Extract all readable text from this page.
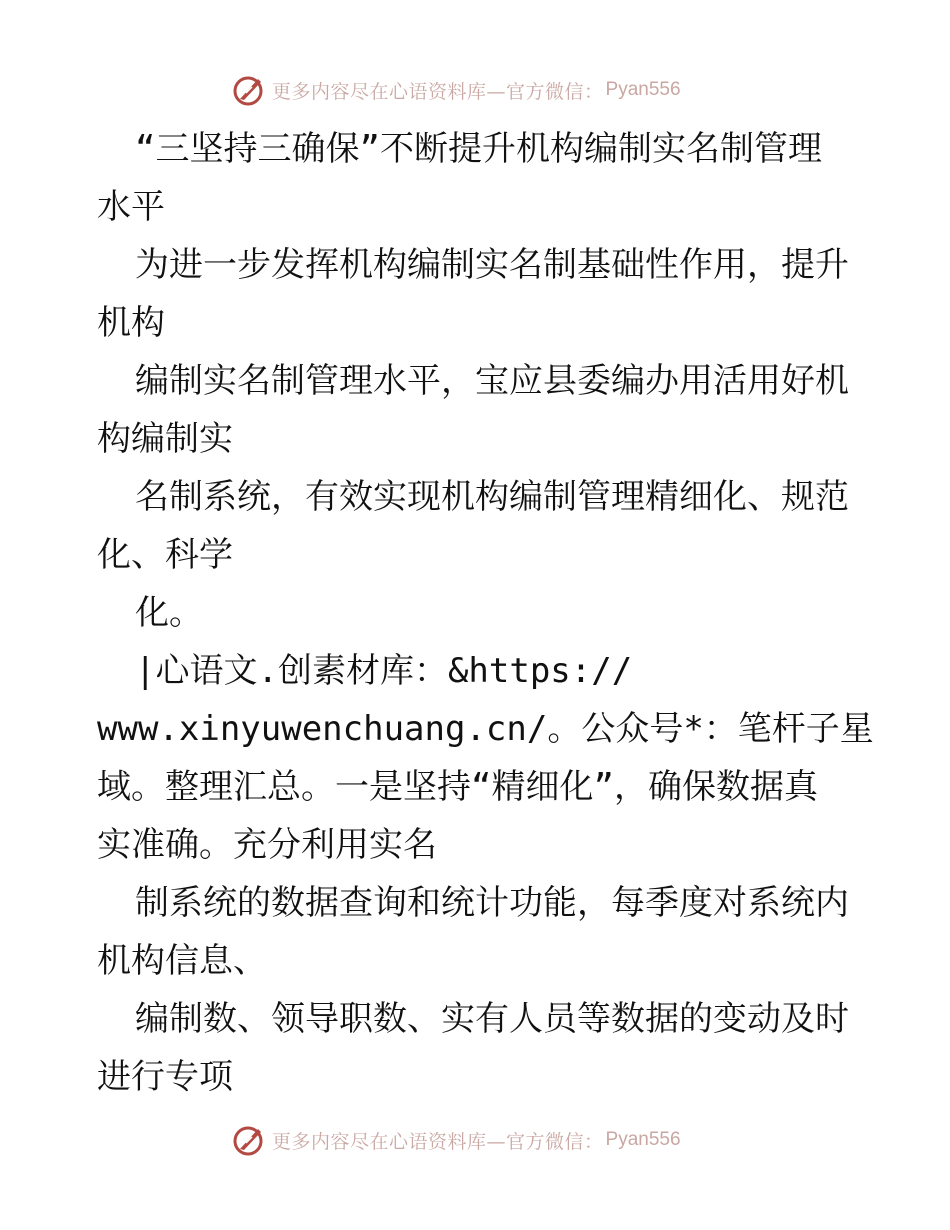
更多内容尽在心语资料库—官方微信： Pyan556
“三坚持三确保”不断提升机构编制实名制管理
水平
为进一步发挥机构编制实名制基础性作用，提升
机构
编制实名制管理水平，宝应县委编办用活用好机
构编制实
名制系统，有效实现机构编制管理精细化、规范
化、科学
化。
|心语文.创素材库：&https://
www.xinyuwenchuang.cn/。公众号*：笔杆子星
域。整理汇总。一是坚持“精细化”，确保数据真
实准确。充分利用实名
制系统的数据查询和统计功能，每季度对系统内
机构信息、
编制数、领导职数、实有人员等数据的变动及时
进行专项
更多内容尽在心语资料库—官方微信： Pyan556
